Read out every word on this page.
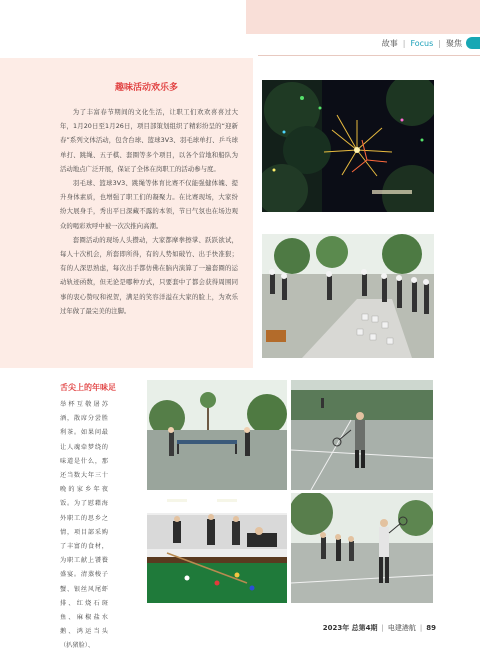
故事 | Focus | 聚焦
趣味活动欢乐多
为了丰富春节期间的文化生活，让职工们欢欢喜喜过大年，1月20日至1月26日，项目部策划组织了精彩纷呈的“迎新春”系列文体活动，包含台球、篮球3V3、羽毛球单打、乒乓球单打、跳绳、五子棋、套圈等多个项目，以各个营地和船队为活动地点广泛开展，保证了全体在岗职工的活动参与度。
羽毛球、篮球3V3、跳绳等体育比赛不仅能强健体魄、提升身体素质，也增强了职工们的凝聚力。在比赛现场，大家纷纷大展身手，秀出平日深藏不露的本领，节日气氛也在场边观众的喝彩欢呼中被一次次推向高潮。
套圈活动的现场人头攒动，大家都摩拳擦掌、跃跃欲试，每人十次机会，所套即所得，有的人势如破竹、出手快准狠；有的人深思熟虑，每次出手都仿佛在脑内演算了一遍套圈的运动轨迹函数，但无论是哪种方式，只要套中了都会获得周围同事的衷心赞叹和祝贺，满足的笑容洋溢在大家的脸上，为欢乐过年做了最完美的注脚。
舌尖上的年味足
举杯互敬屠苏酒，散席分尝胜利茶。如果问最让人魂牵梦绕的味道是什么，那还当数大年三十晚的家乡年夜饭。为了慰藉海外职工的思乡之情，项目部采购了丰富的食材，为职工献上饕餮盛宴。清蒸梭子蟹、银丝风尾虾排、红烧石斑鱼、麻椒盐水鹅、鸿运当头（扒猪脸）、
2023年 总第4期 | 电建港航 | 89
